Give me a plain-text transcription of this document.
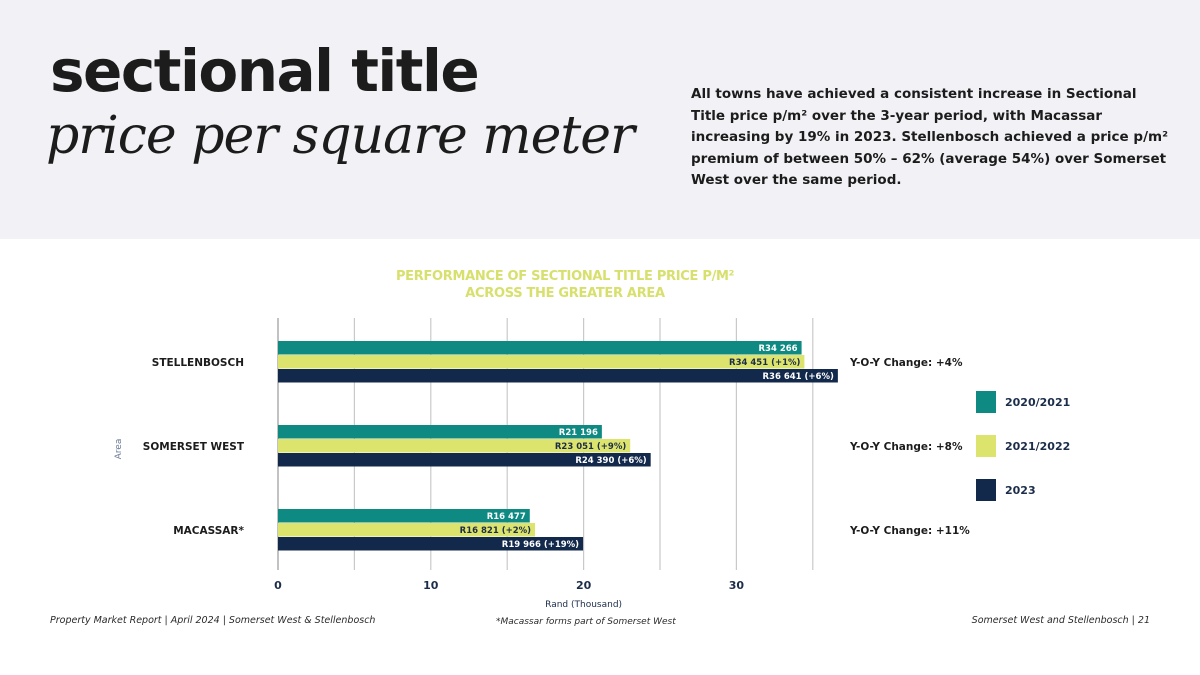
sectional title
price per square meter
All towns have achieved a consistent increase in Sectional Title price p/m² over the 3-year period, with Macassar increasing by 19% in 2023. Stellenbosch achieved a price p/m² premium of between 50% – 62% (average 54%) over Somerset West over the same period.
PERFORMANCE OF SECTIONAL TITLE PRICE P/M²
ACROSS THE GREATER AREA
0	10	20	30
Rand (Thousand)
Area
STELLENBOSCH
R34 266
R34 451 (+1%)
R36 641 (+6%)
Y-O-Y Change: +4%
SOMERSET WEST
R21 196
R23 051 (+9%)
R24 390 (+6%)
Y-O-Y Change: +8%
MACASSAR*
R16 477
R16 821 (+2%)
R19 966 (+19%)
Y-O-Y Change: +11%
2020/2021
2021/2022
2023
Property Market Report | April 2024 | Somerset West & Stellenbosch	*Macassar forms part of Somerset West	Somerset West and Stellenbosch | 21
